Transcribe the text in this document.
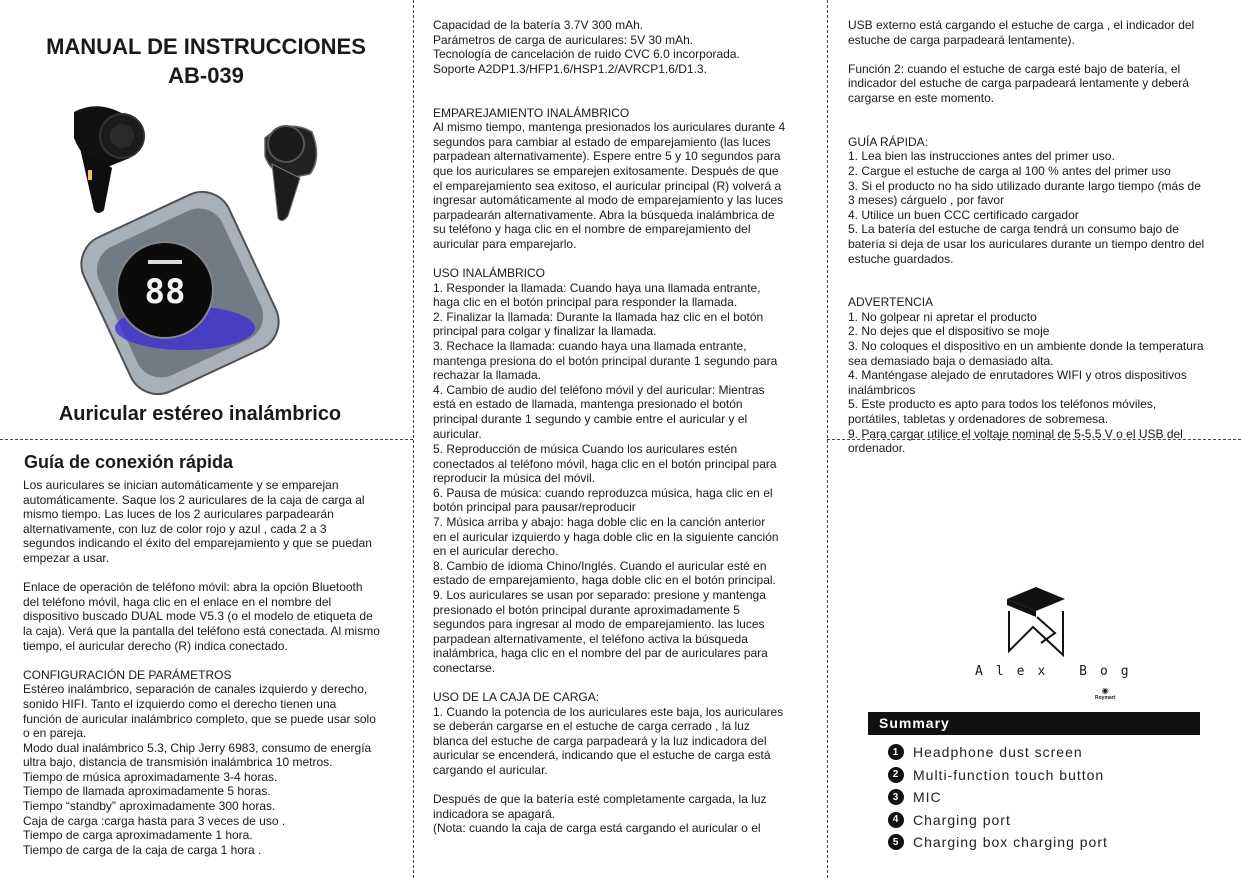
MANUAL DE INSTRUCCIONES
AB-039
88
Auricular estéreo inalámbrico
Guía de conexión rápida
Los auriculares se inician automáticamente y se emparejan
automáticamente. Saque los 2 auriculares de la caja de carga al
mismo tiempo. Las luces de los 2 auriculares parpadearán
alternativamente, con luz de color rojo y azul , cada 2 a 3
segundos indicando el éxito del emparejamiento y que se puedan
empezar a usar.

Enlace de operación de teléfono móvil: abra la opción Bluetooth
del teléfono móvil, haga clic en el enlace en el nombre del
dispositivo buscado DUAL mode V5.3 (o el modelo de etiqueta de
la caja). Verá que la pantalla del teléfono está conectada. Al mismo
tiempo, el auricular derecho (R) indica conectado.

CONFIGURACIÓN DE PARÁMETROS
Estéreo inalámbrico, separación de canales izquierdo y derecho,
sonido HIFI. Tanto el izquierdo como el derecho tienen una
función de auricular inalámbrico completo, que se puede usar solo
o en pareja.
Modo dual inalámbrico 5.3, Chip Jerry 6983, consumo de energía
ultra bajo, distancia de transmisión inalámbrica 10 metros.
Tiempo de música aproximadamente 3-4 horas.
Tiempo de llamada aproximadamente 5 horas.
Tiempo “standby” aproximadamente 300 horas.
Caja de carga :carga hasta para 3 veces de uso .
Tiempo de carga aproximadamente 1 hora.
Tiempo de carga de la caja de carga 1 hora .
Capacidad de la batería 3.7V 300 mAh.
Parámetros de carga de auriculares: 5V 30 mAh.
Tecnología de cancelación de ruido CVC 6.0 incorporada.
Soporte A2DP1.3/HFP1.6/HSP1.2/AVRCP1.6/D1.3.

EMPAREJAMIENTO INALÁMBRICO
Al mismo tiempo, mantenga presionados los auriculares durante 4
segundos para cambiar al estado de emparejamiento (las luces
parpadean alternativamente). Espere entre 5 y 10 segundos para
que los auriculares se emparejen exitosamente. Después de que
el emparejamiento sea exitoso, el auricular principal (R) volverá a
ingresar automáticamente al modo de emparejamiento y las luces
parpadearán alternativamente. Abra la búsqueda inalámbrica de
su teléfono y haga clic en el nombre de emparejamiento del
auricular para emparejarlo.

USO INALÁMBRICO
1. Responder la llamada: Cuando haya una llamada entrante,
haga clic en el botón principal para responder la llamada.
2. Finalizar la llamada: Durante la llamada haz clic en el botón
principal para colgar y finalizar la llamada.
3. Rechace la llamada: cuando haya una llamada entrante,
mantenga presiona do el botón principal durante 1 segundo para
rechazar la llamada.
4. Cambio de audio del teléfono móvil y del auricular: Mientras
está en estado de llamada, mantenga presionado el botón
principal durante 1 segundo y cambie entre el auricular y el
auricular.
5. Reproducción de música Cuando los auriculares estén
conectados al teléfono móvil, haga clic en el botón principal para
reproducir la música del móvil.
6. Pausa de música: cuando reproduzca música, haga clic en el
botón principal para pausar/reproducir
7. Música arriba y abajo: haga doble clic en la canción anterior
en el auricular izquierdo y haga doble clic en la siguiente canción
en el auricular derecho.
8. Cambio de idioma Chino/Inglés. Cuando el auricular esté en
estado de emparejamiento, haga doble clic en el botón principal.
9. Los auriculares se usan por separado: presione y mantenga
presionado el botón principal durante aproximadamente 5
segundos para ingresar al modo de emparejamiento. las luces
parpadean alternativamente, el teléfono activa la búsqueda
inalámbrica, haga clic en el nombre del par de auriculares para
conectarse.

USO DE LA CAJA DE CARGA:
1. Cuando la potencia de los auriculares este baja, los auriculares
se deberán cargarse en el estuche de carga cerrado , la luz
blanca del estuche de carga parpadeará y la luz indicadora del
auricular se encenderá, indicando que el estuche de carga está
cargando el auricular.

Después de que la batería esté completamente cargada, la luz
indicadora se apagará.
(Nota: cuando la caja de carga está cargando el auricular o el
USB externo está cargando el estuche de carga , el indicador del
estuche de carga parpadeará lentamente).

Función 2: cuando el estuche de carga esté bajo de batería, el
indicador del estuche de carga parpadeará lentamente y deberá
cargarse en este momento.

GUÍA RÁPIDA:
1. Lea bien las instrucciones antes del primer uso.
2. Cargue el estuche de carga al 100 % antes del primer uso
3. Si el producto no ha sido utilizado durante largo tiempo (más de
3 meses) cárguelo , por favor
4. Utilice un buen CCC certificado cargador
5. La batería del estuche de carga tendrá un consumo bajo de
batería si deja de usar los auriculares durante un tiempo dentro del
estuche guardados.

ADVERTENCIA
1. No golpear ni apretar el producto
2. No dejes que el dispositivo se moje
3. No coloques el dispositivo en un ambiente donde la temperatura
sea demasiado baja o demasiado alta.
4. Manténgase alejado de enrutadores WIFI y otros dispositivos
inalámbricos
5. Este producto es apto para todos los teléfonos móviles,
portátiles, tabletas y ordenadores de sobremesa.
9. Para cargar utilice el voltaje nominal de 5-5.5 V o el USB del
ordenador.
Alex Bog
◉
Roymart
Summary
1 Headphone dust screen
2 Multi-function touch button
3 MIC
4 Charging port
5 Charging box charging port
